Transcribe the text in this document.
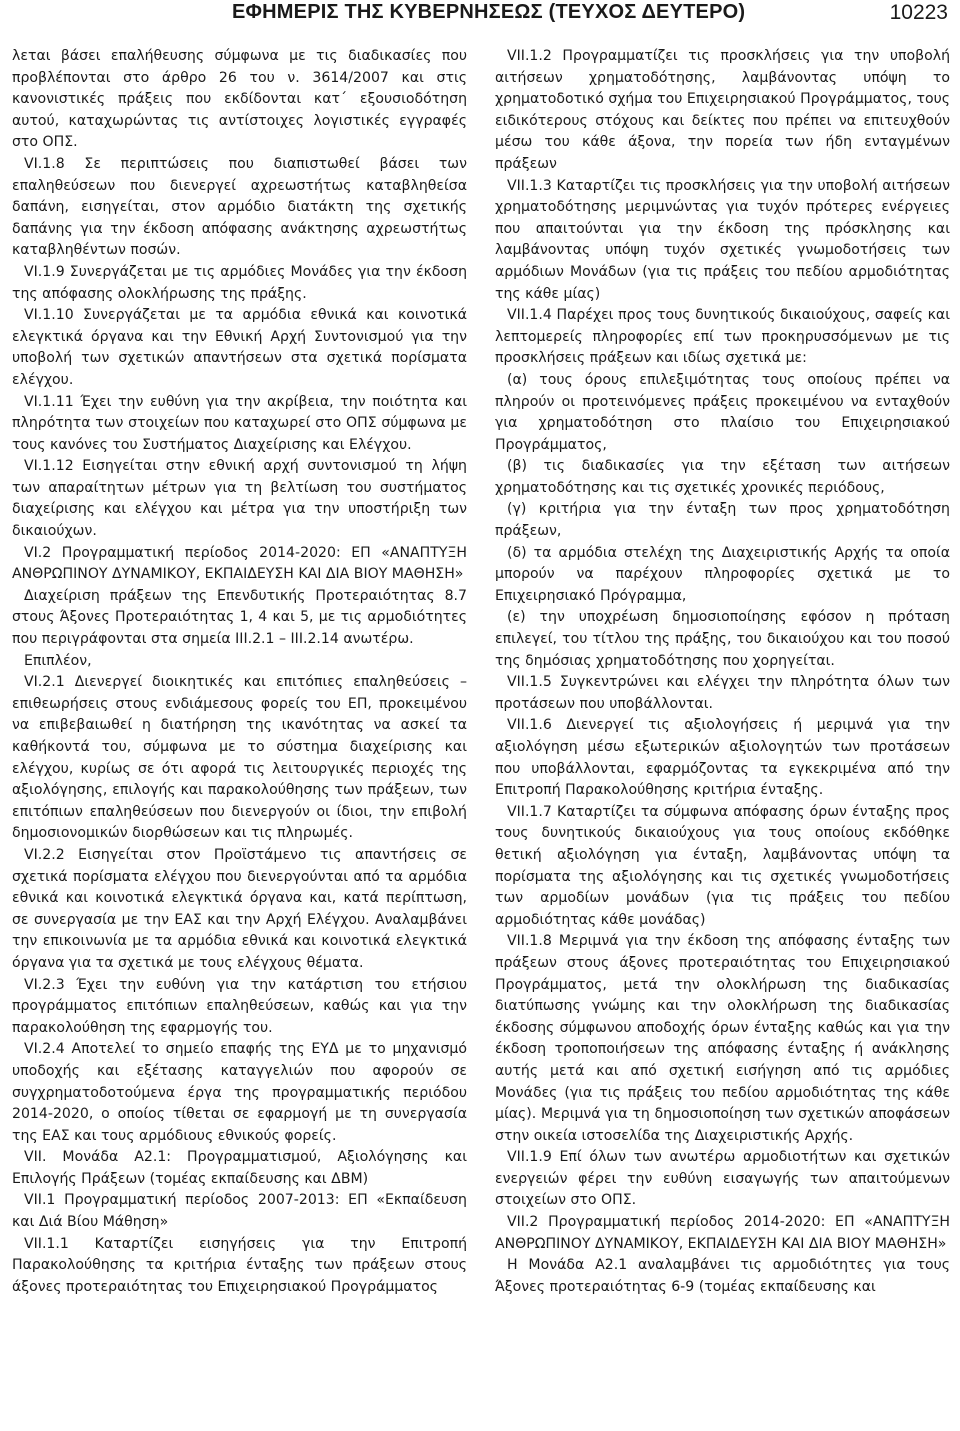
ΕΦΗΜΕΡΙΣ ΤΗΣ ΚΥΒΕΡΝΗΣΕΩΣ (ΤΕΥΧΟΣ ΔΕΥΤΕΡΟ)	10223

λεται βάσει επαλήθευσης σύμφωνα με τις διαδικασίες που προβλέπονται στο άρθρο 26 του ν. 3614/2007 και στις κανονιστικές πράξεις που εκδίδονται κατ΄ εξουσιοδότηση αυτού, καταχωρώντας τις αντίστοιχες λογιστικές εγγραφές στο ΟΠΣ.

VI.1.8 Σε περιπτώσεις που διαπιστωθεί βάσει των επαληθεύσεων που διενεργεί αχρεωστήτως καταβληθείσα δαπάνη, εισηγείται, στον αρμόδιο διατάκτη της σχετικής δαπάνης για την έκδοση απόφασης ανάκτησης αχρεωστήτως καταβληθέντων ποσών.

VI.1.9 Συνεργάζεται με τις αρμόδιες Μονάδες για την έκδοση της απόφασης ολοκλήρωσης της πράξης.

VI.1.10 Συνεργάζεται με τα αρμόδια εθνικά και κοινοτικά ελεγκτικά όργανα και την Εθνική Αρχή Συντονισμού για την υποβολή των σχετικών απαντήσεων στα σχετικά πορίσματα ελέγχου.

VI.1.11 Έχει την ευθύνη για την ακρίβεια, την ποιότητα και πληρότητα των στοιχείων που καταχωρεί στο ΟΠΣ σύμφωνα με τους κανόνες του Συστήματος Διαχείρισης και Ελέγχου.

VI.1.12 Εισηγείται στην εθνική αρχή συντονισμού τη λήψη των απαραίτητων μέτρων για τη βελτίωση του συστήματος διαχείρισης και ελέγχου και μέτρα για την υποστήριξη των δικαιούχων.

VI.2 Προγραμματική περίοδος 2014-2020: ΕΠ «ΑΝΑΠΤΥΞΗ ΑΝΘΡΩΠΙΝΟΥ ΔΥΝΑΜΙΚΟΥ, ΕΚΠΑΙΔΕΥΣΗ ΚΑΙ ΔΙΑ ΒΙΟΥ ΜΑΘΗΣΗ»

Διαχείριση πράξεων της Επενδυτικής Προτεραιότητας 8.7 στους Άξονες Προτεραιότητας 1, 4 και 5, με τις αρμοδιότητες που περιγράφονται στα σημεία ΙΙΙ.2.1 – ΙΙΙ.2.14 ανωτέρω.

Επιπλέον,

VI.2.1 Διενεργεί διοικητικές και επιτόπιες επαληθεύσεις – επιθεωρήσεις στους ενδιάμεσους φορείς του ΕΠ, προκειμένου να επιβεβαιωθεί η διατήρηση της ικανότητας να ασκεί τα καθήκοντά του, σύμφωνα με το σύστημα διαχείρισης και ελέγχου, κυρίως σε ότι αφορά τις λειτουργικές περιοχές της αξιολόγησης, επιλογής και παρακολούθησης των πράξεων, των επιτόπιων επαληθεύσεων που διενεργούν οι ίδιοι, την επιβολή δημοσιονομικών διορθώσεων και τις πληρωμές.

VI.2.2 Εισηγείται στον Προϊστάμενο τις απαντήσεις σε σχετικά πορίσματα ελέγχου που διενεργούνται από τα αρμόδια εθνικά και κοινοτικά ελεγκτικά όργανα και, κατά περίπτωση, σε συνεργασία με την ΕΑΣ και την Αρχή Ελέγχου. Αναλαμβάνει την επικοινωνία με τα αρμόδια εθνικά και κοινοτικά ελεγκτικά όργανα για τα σχετικά με τους ελέγχους θέματα.

VI.2.3 Έχει την ευθύνη για την κατάρτιση του ετήσιου προγράμματος επιτόπιων επαληθεύσεων, καθώς και για την παρακολούθηση της εφαρμογής του.

VI.2.4 Αποτελεί το σημείο επαφής της ΕΥΔ με το μηχανισμό υποδοχής και εξέτασης καταγγελιών που αφορούν σε συγχρηματοδοτούμενα έργα της προγραμματικής περιόδου 2014-2020, ο οποίος τίθεται σε εφαρμογή με τη συνεργασία της ΕΑΣ και τους αρμόδιους εθνικούς φορείς.

VII. Μονάδα Α2.1: Προγραμματισμού, Αξιολόγησης και Επιλογής Πράξεων (τομέας εκπαίδευσης και ΔΒΜ)

VII.1 Προγραμματική περίοδος 2007-2013: ΕΠ «Εκπαίδευση και Διά Βίου Μάθηση»

VII.1.1 Καταρτίζει εισηγήσεις για την Επιτροπή Παρακολούθησης τα κριτήρια ένταξης των πράξεων στους άξονες προτεραιότητας του Επιχειρησιακού Προγράμματος

VII.1.2 Προγραμματίζει τις προσκλήσεις για την υποβολή αιτήσεων χρηματοδότησης, λαμβάνοντας υπόψη το χρηματοδοτικό σχήμα του Επιχειρησιακού Προγράμματος, τους ειδικότερους στόχους και δείκτες που πρέπει να επιτευχθούν μέσω του κάθε άξονα, την πορεία των ήδη ενταγμένων πράξεων

VII.1.3 Καταρτίζει τις προσκλήσεις για την υποβολή αιτήσεων χρηματοδότησης μεριμνώντας για τυχόν πρότερες ενέργειες που απαιτούνται για την έκδοση της πρόσκλησης και λαμβάνοντας υπόψη τυχόν σχετικές γνωμοδοτήσεις των αρμόδιων Μονάδων (για τις πράξεις του πεδίου αρμοδιότητας της κάθε μίας)

VII.1.4 Παρέχει προς τους δυνητικούς δικαιούχους, σαφείς και λεπτομερείς πληροφορίες επί των προκηρυσσόμενων με τις προσκλήσεις πράξεων και ιδίως σχετικά με:

(α) τους όρους επιλεξιμότητας τους οποίους πρέπει να πληρούν οι προτεινόμενες πράξεις προκειμένου να ενταχθούν για χρηματοδότηση στο πλαίσιο του Επιχειρησιακού Προγράμματος,

(β) τις διαδικασίες για την εξέταση των αιτήσεων χρηματοδότησης και τις σχετικές χρονικές περιόδους,

(γ) κριτήρια για την ένταξη των προς χρηματοδότηση πράξεων,

(δ) τα αρμόδια στελέχη της Διαχειριστικής Αρχής τα οποία μπορούν να παρέχουν πληροφορίες σχετικά με το Επιχειρησιακό Πρόγραμμα,

(ε) την υποχρέωση δημοσιοποίησης εφόσον η πρόταση επιλεγεί, του τίτλου της πράξης, του δικαιούχου και του ποσού της δημόσιας χρηματοδότησης που χορηγείται.

VII.1.5 Συγκεντρώνει και ελέγχει την πληρότητα όλων των προτάσεων που υποβάλλονται.

VII.1.6 Διενεργεί τις αξιολογήσεις ή μεριμνά για την αξιολόγηση μέσω εξωτερικών αξιολογητών των προτάσεων που υποβάλλονται, εφαρμόζοντας τα εγκεκριμένα από την Επιτροπή Παρακολούθησης κριτήρια ένταξης.

VII.1.7 Καταρτίζει τα σύμφωνα απόφασης όρων ένταξης προς τους δυνητικούς δικαιούχους για τους οποίους εκδόθηκε θετική αξιολόγηση για ένταξη, λαμβάνοντας υπόψη τα πορίσματα της αξιολόγησης και τις σχετικές γνωμοδοτήσεις των αρμοδίων μονάδων (για τις πράξεις του πεδίου αρμοδιότητας κάθε μονάδας)

VII.1.8 Μεριμνά για την έκδοση της απόφασης ένταξης των πράξεων στους άξονες προτεραιότητας του Επιχειρησιακού Προγράμματος, μετά την ολοκλήρωση της διαδικασίας διατύπωσης γνώμης και την ολοκλήρωση της διαδικασίας έκδοσης σύμφωνου αποδοχής όρων ένταξης καθώς και για την έκδοση τροποποιήσεων της απόφασης ένταξης ή ανάκλησης αυτής μετά και από σχετική εισήγηση από τις αρμόδιες Μονάδες (για τις πράξεις του πεδίου αρμοδιότητας της κάθε μίας). Μεριμνά για τη δημοσιοποίηση των σχετικών αποφάσεων στην οικεία ιστοσελίδα της Διαχειριστικής Αρχής.

VII.1.9 Επί όλων των ανωτέρω αρμοδιοτήτων και σχετικών ενεργειών φέρει την ευθύνη εισαγωγής των απαιτούμενων στοιχείων στο ΟΠΣ.

VII.2 Προγραμματική περίοδος 2014-2020: ΕΠ «ΑΝΑΠΤΥΞΗ ΑΝΘΡΩΠΙΝΟΥ ΔΥΝΑΜΙΚΟΥ, ΕΚΠΑΙΔΕΥΣΗ ΚΑΙ ΔΙΑ ΒΙΟΥ ΜΑΘΗΣΗ»

Η Μονάδα Α2.1 αναλαμβάνει τις αρμοδιότητες για τους Άξονες προτεραιότητας 6-9 (τομέας εκπαίδευσης και
